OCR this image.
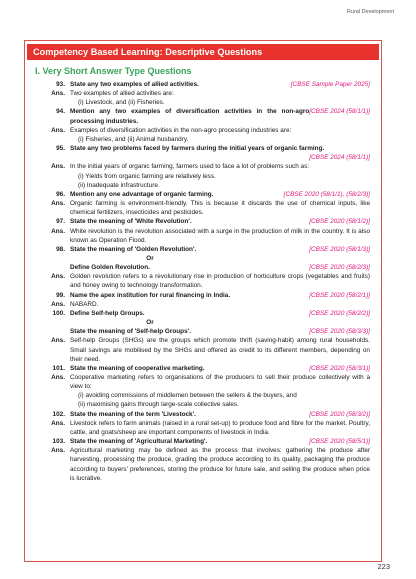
Rural Development
Competency Based Learning: Descriptive Questions
I. Very Short Answer Type Questions
93.	[CBSE Sample Paper 2025]
State any two examples of allied activities.
Ans. Two examples of allied activities are:
(i) Livestock, and (ii) Fisheries.
94.	[CBSE 2024 (58/1/1)]
Mention any two examples of diversification activities in the non-agro processing industries.
Ans. Examples of diversification activities in the non-agro processing industries are:
(i) Fisheries, and (ii) Animal husbandry.
95. State any two problems faced by farmers during the initial years of organic farming.
[CBSE 2024 (58/1/1)]

Ans. In the initial years of organic farming, farmers used to face a lot of problems such as:
(i) Yields from organic farming are relatively less.
(ii) Inadequate infrastructure.
96.	[CBSE 2020 (58/1/1), (58/2/3)]
Mention any one advantage of organic farming.
Ans. Organic farming is environment-friendly. This is because it discards the use of chemical inputs, like chemical fertilizers, insecticides and pesticides.
97.	[CBSE 2020 (58/1/2)]
State the meaning of 'White Revolution'.
Ans. White revolution is the revolution associated with a surge in the production of milk in the country. It is also known as Operation Flood.
98.	[CBSE 2020 (58/1/3)]
State the meaning of 'Golden Revolution'.
Or
[CBSE 2020 (58/2/3)]
Define Golden Revolution.
Ans. Golden revolution refers to a revolutionary rise in production of horticulture crops (vegetables and fruits) and honey owing to technology transformation.
99.	[CBSE 2020 (58/2/1)]
Name the apex institution for rural financing in India.
Ans. NABARD.
100.	[CBSE 2020 (58/2/2)]
Define Self-help Groups.
Or
[CBSE 2020 (58/3/3)]
State the meaning of 'Self-help Groups'.
Ans. Self-help Groups (SHGs) are the groups which promote thrift (saving-habit) among rural households. Small savings are mobilised by the SHGs and offered as credit to its different members, depending on their need.
101.	[CBSE 2020 (58/3/1)]
State the meaning of cooperative marketing.
Ans. Cooperative marketing refers to organisations of the producers to sell their produce collectively with a view to:
(i) avoiding commissions of middlemen between the sellers & the buyers, and
(ii) maximising gains through large-scale collective sales.
102.	[CBSE 2020 (58/3/2)]
State the meaning of the term 'Livestock'.
Ans. Livestock refers to farm animals (raised in a rural set-up) to produce food and fibre for the market. Poultry, cattle, and goats/sheep are important components of livestock in India.
103.	[CBSE 2020 (58/5/1)]
State the meaning of 'Agricultural Marketing'.
Ans. Agricultural marketing may be defined as the process that involves: gathering the produce after harvesting, processing the produce, grading the produce according to its quality, packaging the produce according to buyers' preferences, storing the produce for future sale, and selling the produce when price is lucrative.
223
